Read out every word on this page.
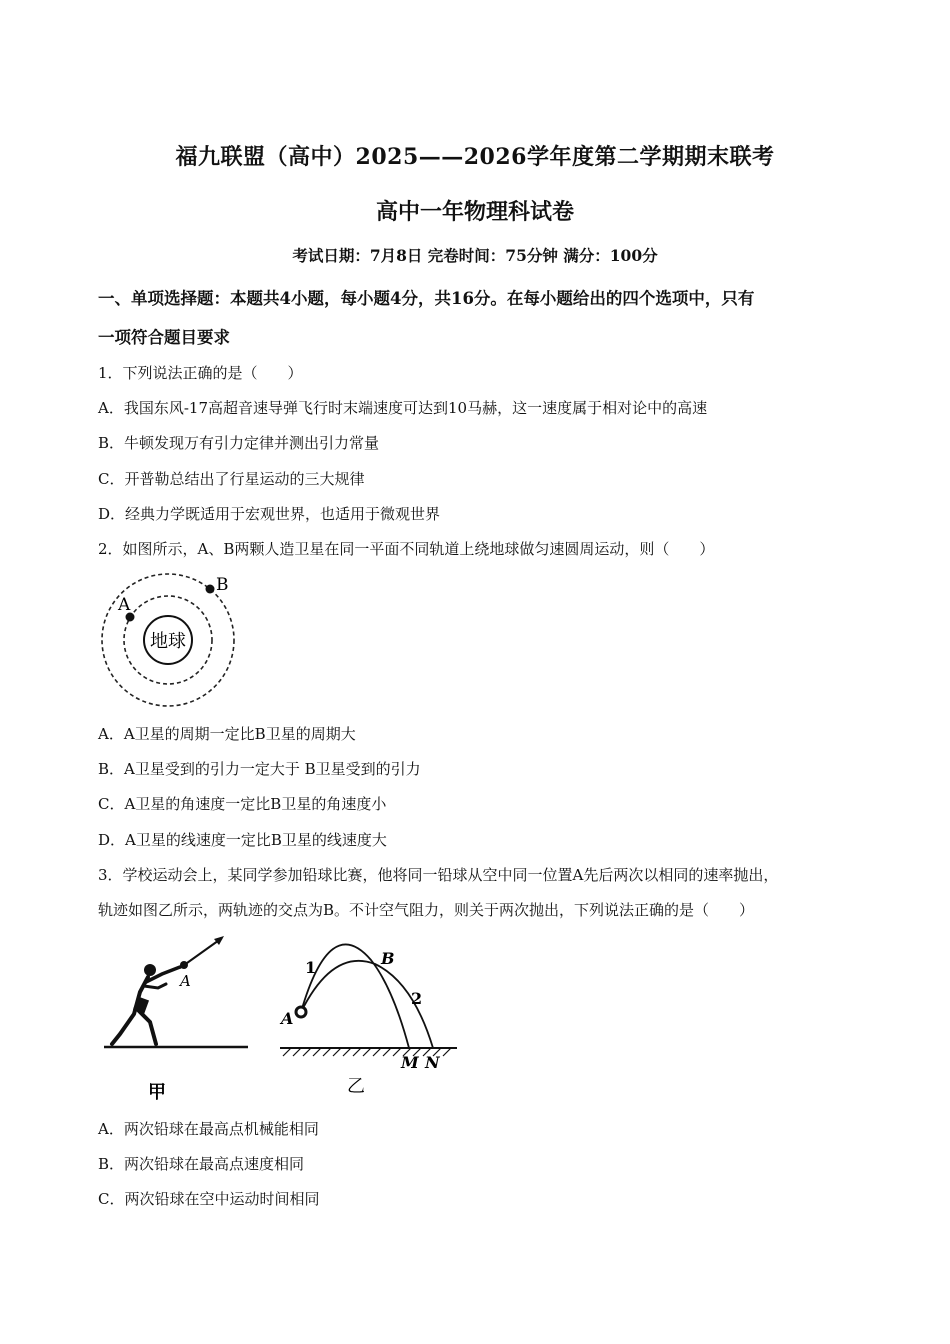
福九联盟（高中）2025——2026学年度第二学期期末联考
高中一年物理科试卷
考试日期：7月8日 完卷时间：75分钟 满分：100分
一、单项选择题：本题共4小题，每小题4分，共16分。在每小题给出的四个选项中，只有
一项符合题目要求
1．下列说法正确的是（　　）
A．我国东风-17高超音速导弹飞行时末端速度可达到10马赫，这一速度属于相对论中的高速
B．牛顿发现万有引力定律并测出引力常量
C．开普勒总结出了行星运动的三大规律
D．经典力学既适用于宏观世界，也适用于微观世界
2．如图所示，A、B两颗人造卫星在同一平面不同轨道上绕地球做匀速圆周运动，则（　　）
地球
A
B
A．A卫星的周期一定比B卫星的周期大
B．A卫星受到的引力一定大于 B卫星受到的引力
C．A卫星的角速度一定比B卫星的角速度小
D．A卫星的线速度一定比B卫星的线速度大
3．学校运动会上，某同学参加铅球比赛，他将同一铅球从空中同一位置A先后两次以相同的速率抛出，
轨迹如图乙所示，两轨迹的交点为B。不计空气阻力，则关于两次抛出，下列说法正确的是（　　）
A
甲
A
B
1
2
M N
乙
A．两次铅球在最高点机械能相同
B．两次铅球在最高点速度相同
C．两次铅球在空中运动时间相同
